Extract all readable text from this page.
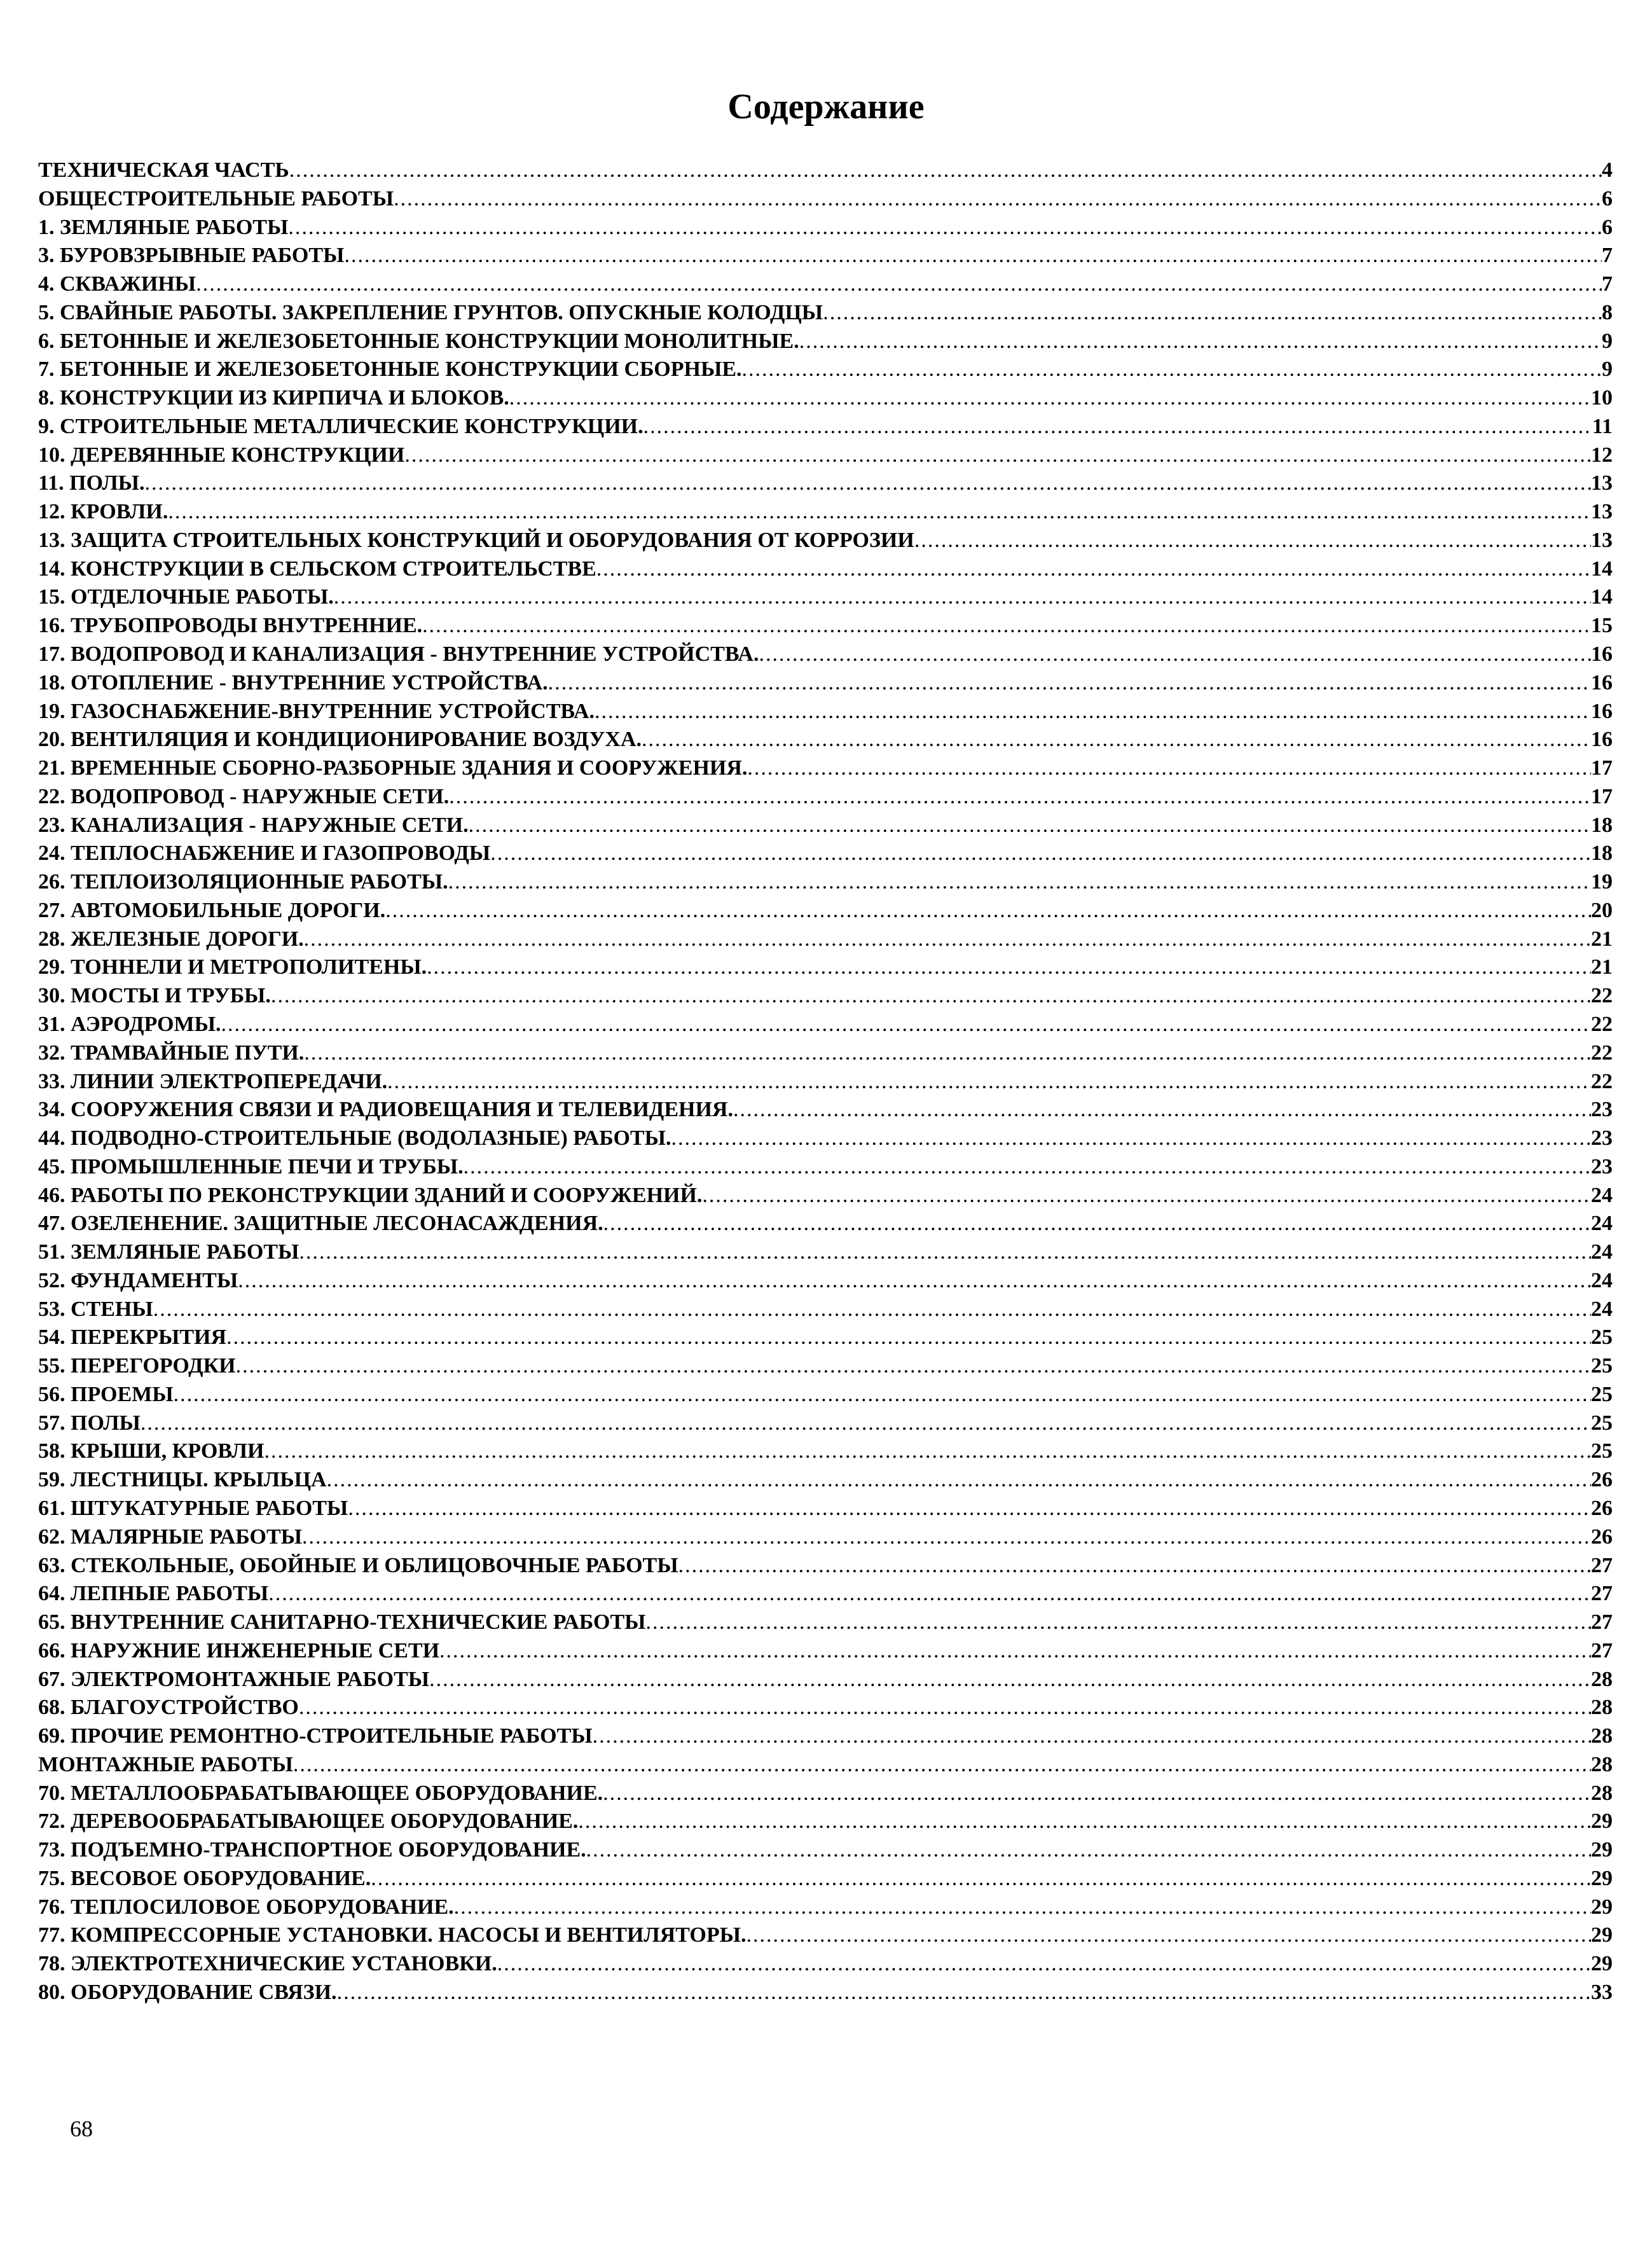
Содержание
ТЕХНИЧЕСКАЯ ЧАСТЬ .....	4
ОБЩЕСТРОИТЕЛЬНЫЕ РАБОТЫ .....	6
1. ЗЕМЛЯНЫЕ РАБОТЫ .....	6
3. БУРОВЗРЫВНЫЕ РАБОТЫ .....	7
4. СКВАЖИНЫ .....	7
5. СВАЙНЫЕ РАБОТЫ. ЗАКРЕПЛЕНИЕ ГРУНТОВ. ОПУСКНЫЕ КОЛОДЦЫ .....	8
6. БЕТОННЫЕ И ЖЕЛЕЗОБЕТОННЫЕ КОНСТРУКЦИИ МОНОЛИТНЫЕ. .....	9
7. БЕТОННЫЕ И ЖЕЛЕЗОБЕТОННЫЕ КОНСТРУКЦИИ СБОРНЫЕ. .....	9
8. КОНСТРУКЦИИ ИЗ КИРПИЧА И БЛОКОВ. .....	10
9. СТРОИТЕЛЬНЫЕ МЕТАЛЛИЧЕСКИЕ КОНСТРУКЦИИ. .....	11
10. ДЕРЕВЯННЫЕ КОНСТРУКЦИИ .....	12
11. ПОЛЫ. .....	13
12. КРОВЛИ. .....	13
13. ЗАЩИТА СТРОИТЕЛЬНЫХ КОНСТРУКЦИЙ И ОБОРУДОВАНИЯ ОТ КОРРОЗИИ .....	13
14. КОНСТРУКЦИИ В СЕЛЬСКОМ СТРОИТЕЛЬСТВЕ .....	14
15. ОТДЕЛОЧНЫЕ РАБОТЫ. .....	14
16. ТРУБОПРОВОДЫ ВНУТРЕННИЕ. .....	15
17. ВОДОПРОВОД И КАНАЛИЗАЦИЯ - ВНУТРЕННИЕ УСТРОЙСТВА. .....	16
18. ОТОПЛЕНИЕ - ВНУТРЕННИЕ УСТРОЙСТВА. .....	16
19. ГАЗОСНАБЖЕНИЕ-ВНУТРЕННИЕ УСТРОЙСТВА. .....	16
20. ВЕНТИЛЯЦИЯ И КОНДИЦИОНИРОВАНИЕ ВОЗДУХА. .....	16
21. ВРЕМЕННЫЕ СБОРНО-РАЗБОРНЫЕ ЗДАНИЯ И СООРУЖЕНИЯ. .....	17
22. ВОДОПРОВОД - НАРУЖНЫЕ СЕТИ. .....	17
23. КАНАЛИЗАЦИЯ - НАРУЖНЫЕ СЕТИ. .....	18
24. ТЕПЛОСНАБЖЕНИЕ И ГАЗОПРОВОДЫ .....	18
26. ТЕПЛОИЗОЛЯЦИОННЫЕ РАБОТЫ. .....	19
27. АВТОМОБИЛЬНЫЕ ДОРОГИ. .....	20
28. ЖЕЛЕЗНЫЕ ДОРОГИ. .....	21
29. ТОННЕЛИ И МЕТРОПОЛИТЕНЫ. .....	21
30. МОСТЫ И ТРУБЫ. .....	22
31. АЭРОДРОМЫ. .....	22
32. ТРАМВАЙНЫЕ ПУТИ. .....	22
33. ЛИНИИ ЭЛЕКТРОПЕРЕДАЧИ. .....	22
34. СООРУЖЕНИЯ СВЯЗИ И РАДИОВЕЩАНИЯ И ТЕЛЕВИДЕНИЯ. .....	23
44. ПОДВОДНО-СТРОИТЕЛЬНЫЕ (ВОДОЛАЗНЫЕ) РАБОТЫ. .....	23
45. ПРОМЫШЛЕННЫЕ ПЕЧИ И ТРУБЫ. .....	23
46. РАБОТЫ ПО РЕКОНСТРУКЦИИ ЗДАНИЙ И СООРУЖЕНИЙ. .....	24
47. ОЗЕЛЕНЕНИЕ. ЗАЩИТНЫЕ ЛЕСОНАСАЖДЕНИЯ. .....	24
51. ЗЕМЛЯНЫЕ РАБОТЫ .....	24
52. ФУНДАМЕНТЫ .....	24
53. СТЕНЫ .....	24
54. ПЕРЕКРЫТИЯ .....	25
55. ПЕРЕГОРОДКИ .....	25
56. ПРОЕМЫ .....	25
57. ПОЛЫ .....	25
58. КРЫШИ, КРОВЛИ .....	25
59. ЛЕСТНИЦЫ. КРЫЛЬЦА .....	26
61. ШТУКАТУРНЫЕ РАБОТЫ .....	26
62. МАЛЯРНЫЕ РАБОТЫ .....	26
63. СТЕКОЛЬНЫЕ, ОБОЙНЫЕ И ОБЛИЦОВОЧНЫЕ РАБОТЫ .....	27
64. ЛЕПНЫЕ РАБОТЫ .....	27
65. ВНУТРЕННИЕ САНИТАРНО-ТЕХНИЧЕСКИЕ РАБОТЫ .....	27
66. НАРУЖНИЕ ИНЖЕНЕРНЫЕ СЕТИ .....	27
67. ЭЛЕКТРОМОНТАЖНЫЕ РАБОТЫ .....	28
68. БЛАГОУСТРОЙСТВО .....	28
69. ПРОЧИЕ РЕМОНТНО-СТРОИТЕЛЬНЫЕ РАБОТЫ .....	28
МОНТАЖНЫЕ РАБОТЫ .....	28
70. МЕТАЛЛООБРАБАТЫВАЮЩЕЕ ОБОРУДОВАНИЕ. .....	28
72. ДЕРЕВООБРАБАТЫВАЮЩЕЕ ОБОРУДОВАНИЕ. .....	29
73. ПОДЪЕМНО-ТРАНСПОРТНОЕ ОБОРУДОВАНИЕ. .....	29
75. ВЕСОВОЕ ОБОРУДОВАНИЕ. .....	29
76. ТЕПЛОСИЛОВОЕ ОБОРУДОВАНИЕ. .....	29
77. КОМПРЕССОРНЫЕ УСТАНОВКИ. НАСОСЫ И ВЕНТИЛЯТОРЫ. .....	29
78. ЭЛЕКТРОТЕХНИЧЕСКИЕ УСТАНОВКИ. .....	29
80. ОБОРУДОВАНИЕ СВЯЗИ. .....	33
68
